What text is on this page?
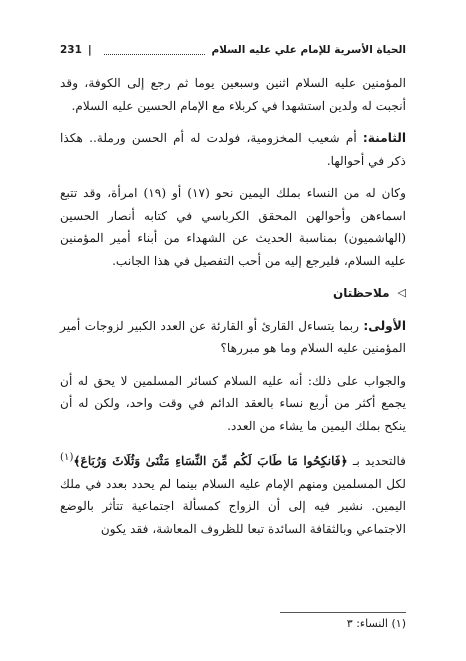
الحياة الأسرية للإمام علي عليه السلام
|
231

المؤمنين عليه السلام اثنين وسبعين يوما ثم رجع إلى الكوفة، وقد أنجبت له ولدين استشهدا في كربلاء مع الإمام الحسين عليه السلام.

الثامنة: أم شعيب المخزومية، فولدت له أم الحسن ورملة.. هكذا ذكر في أحوالها.

وكان له من النساء بملك اليمين نحو (١٧) أو (١٩) امرأة، وقد تتبع اسماءهن وأحوالهن المحقق الكرباسي في كتابه أنصار الحسين (الهاشميون) بمناسبة الحديث عن الشهداء من أبناء أمير المؤمنين عليه السلام، فليرجع إليه من أحب التفصيل في هذا الجانب.

◁
ملاحظتان

الأولى: ربما يتساءل القارئ أو القارئة عن العدد الكبير لزوجات أمير المؤمنين عليه السلام وما هو مبررها؟

والجواب على ذلك: أنه عليه السلام كسائر المسلمين لا يحق له أن يجمع أكثر من أربع نساء بالعقد الدائم في وقت واحد، ولكن له أن ينكح بملك اليمين ما يشاء من العدد.

فالتحديد بـ ﴿فَانكِحُوا مَا طَابَ لَكُم مِّنَ النِّسَاءِ مَثْنَىٰ وَثُلَاثَ وَرُبَاعَ﴾$^{(١)}$ لكل المسلمين ومنهم الإمام عليه السلام بينما لم يحدد بعدد في ملك اليمين. نشير فيه إلى أن الزواج كمسألة اجتماعية تتأثر بالوضع الاجتماعي وبالثقافة السائدة تبعا للظروف المعاشة، فقد يكون

(١) النساء: ٣
